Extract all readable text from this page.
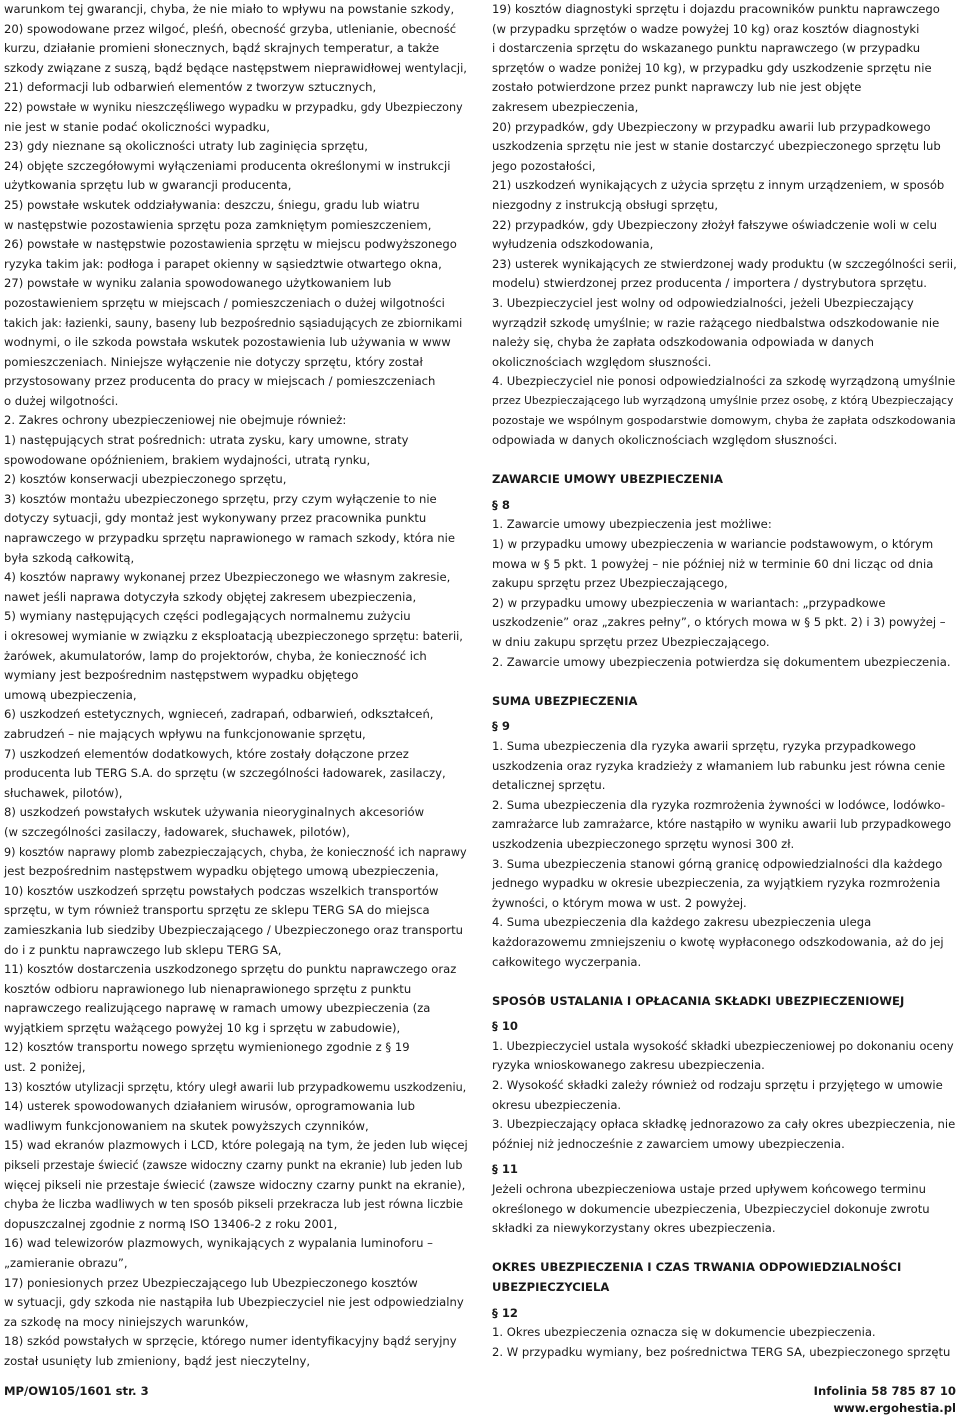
warunkom tej gwarancji, chyba, że nie miało to wpływu na powstanie szkody,

20) spowodowane przez wilgoć, pleśń, obecność grzyba, utlenianie, obecność

kurzu, działanie promieni słonecznych, bądź skrajnych temperatur, a także

szkody związane z suszą, bądź będące następstwem nieprawidłowej wentylacji,

21) deformacji lub odbarwień elementów z tworzyw sztucznych,

22) powstałe w wyniku nieszczęśliwego wypadku w przypadku, gdy Ubezpieczony

nie jest w stanie podać okoliczności wypadku,

23) gdy nieznane są okoliczności utraty lub zaginięcia sprzętu,

24) objęte szczegółowymi wyłączeniami producenta określonymi w instrukcji

użytkowania sprzętu lub w gwarancji producenta,

25) powstałe wskutek oddziaływania: deszczu, śniegu, gradu lub wiatru

w następstwie pozostawienia sprzętu poza zamkniętym pomieszczeniem,

26) powstałe w następstwie pozostawienia sprzętu w miejscu podwyższonego

ryzyka takim jak: podłoga i parapet okienny w sąsiedztwie otwartego okna,

27) powstałe w wyniku zalania spowodowanego użytkowaniem lub

pozostawieniem sprzętu w miejscach / pomieszczeniach o dużej wilgotności

takich jak: łazienki, sauny, baseny lub bezpośrednio sąsiadujących ze zbiornikami

wodnymi, o ile szkoda powstała wskutek pozostawienia lub używania w www

pomieszczeniach. Niniejsze wyłączenie nie dotyczy sprzętu, który został

przystosowany przez producenta do pracy w miejscach / pomieszczeniach

o dużej wilgotności.

2. Zakres ochrony ubezpieczeniowej nie obejmuje również:

1) następujących strat pośrednich: utrata zysku, kary umowne, straty

spowodowane opóźnieniem, brakiem wydajności, utratą rynku,

2) kosztów konserwacji ubezpieczonego sprzętu,

3) kosztów montażu ubezpieczonego sprzętu, przy czym wyłączenie to nie

dotyczy sytuacji, gdy montaż jest wykonywany przez pracownika punktu

naprawczego w przypadku sprzętu naprawionego w ramach szkody, która nie

była szkodą całkowitą,

4) kosztów naprawy wykonanej przez Ubezpieczonego we własnym zakresie,

nawet jeśli naprawa dotyczyła szkody objętej zakresem ubezpieczenia,

5) wymiany następujących części podlegających normalnemu zużyciu

i okresowej wymianie w związku z eksploatacją ubezpieczonego sprzętu: baterii,

żarówek, akumulatorów, lamp do projektorów, chyba, że konieczność ich

wymiany jest bezpośrednim następstwem wypadku objętego

umową ubezpieczenia,

6) uszkodzeń estetycznych, wgnieceń, zadrapań, odbarwień, odkształceń,

zabrudzeń – nie mających wpływu na funkcjonowanie sprzętu,

7) uszkodzeń elementów dodatkowych, które zostały dołączone przez

producenta lub TERG S.A. do sprzętu (w szczególności ładowarek, zasilaczy,

słuchawek, pilotów),

8) uszkodzeń powstałych wskutek używania nieoryginalnych akcesoriów

(w szczególności zasilaczy, ładowarek, słuchawek, pilotów),

9) kosztów naprawy plomb zabezpieczających, chyba, że konieczność ich naprawy

jest bezpośrednim następstwem wypadku objętego umową ubezpieczenia,

10) kosztów uszkodzeń sprzętu powstałych podczas wszelkich transportów

sprzętu, w tym również transportu sprzętu ze sklepu TERG SA do miejsca

zamieszkania lub siedziby Ubezpieczającego / Ubezpieczonego oraz transportu

do i z punktu naprawczego lub sklepu TERG SA,

11) kosztów dostarczenia uszkodzonego sprzętu do punktu naprawczego oraz

kosztów odbioru naprawionego lub nienaprawionego sprzętu z punktu

naprawczego realizującego naprawę w ramach umowy ubezpieczenia (za

wyjątkiem sprzętu ważącego powyżej 10 kg i sprzętu w zabudowie),

12) kosztów transportu nowego sprzętu wymienionego zgodnie z § 19

ust. 2 poniżej,

13) kosztów utylizacji sprzętu, który uległ awarii lub przypadkowemu uszkodzeniu,

14) usterek spowodowanych działaniem wirusów, oprogramowania lub

wadliwym funkcjonowaniem na skutek powyższych czynników,

15) wad ekranów plazmowych i LCD, które polegają na tym, że jeden lub więcej

pikseli przestaje świecić (zawsze widoczny czarny punkt na ekranie) lub jeden lub

więcej pikseli nie przestaje świecić (zawsze widoczny czarny punkt na ekranie),

chyba że liczba wadliwych w ten sposób pikseli przekracza lub jest równa liczbie

dopuszczalnej zgodnie z normą ISO 13406-2 z roku 2001,

16) wad telewizorów plazmowych, wynikających z wypalania luminoforu –

„zamieranie obrazu”,

17) poniesionych przez Ubezpieczającego lub Ubezpieczonego kosztów

w sytuacji, gdy szkoda nie nastąpiła lub Ubezpieczyciel nie jest odpowiedzialny

za szkodę na mocy niniejszych warunków,

18) szkód powstałych w sprzęcie, którego numer identyfikacyjny bądź seryjny

został usunięty lub zmieniony, bądź jest nieczytelny,

19) kosztów diagnostyki sprzętu i dojazdu pracowników punktu naprawczego

(w przypadku sprzętów o wadze powyżej 10 kg) oraz kosztów diagnostyki

i dostarczenia sprzętu do wskazanego punktu naprawczego (w przypadku

sprzętów o wadze poniżej 10 kg), w przypadku gdy uszkodzenie sprzętu nie

zostało potwierdzone przez punkt naprawczy lub nie jest objęte

zakresem ubezpieczenia,

20) przypadków, gdy Ubezpieczony w przypadku awarii lub przypadkowego

uszkodzenia sprzętu nie jest w stanie dostarczyć ubezpieczonego sprzętu lub

jego pozostałości,

21) uszkodzeń wynikających z użycia sprzętu z innym urządzeniem, w sposób

niezgodny z instrukcją obsługi sprzętu,

22) przypadków, gdy Ubezpieczony złożył fałszywe oświadczenie woli w celu

wyłudzenia odszkodowania,

23) usterek wynikających ze stwierdzonej wady produktu (w szczególności serii,

modelu) stwierdzonej przez producenta / importera / dystrybutora sprzętu.

3. Ubezpieczyciel jest wolny od odpowiedzialności, jeżeli Ubezpieczający

wyrządził szkodę umyślnie; w razie rażącego niedbalstwa odszkodowanie nie

należy się, chyba że zapłata odszkodowania odpowiada w danych

okolicznościach względom słuszności.

4. Ubezpieczyciel nie ponosi odpowiedzialności za szkodę wyrządzoną umyślnie

przez Ubezpieczającego lub wyrządzoną umyślnie przez osobę, z którą Ubezpieczający

pozostaje we wspólnym gospodarstwie domowym, chyba że zapłata odszkodowania

odpowiada w danych okolicznościach względom słuszności.

ZAWARCIE UMOWY UBEZPIECZENIA

§ 8

1. Zawarcie umowy ubezpieczenia jest możliwe:

1) w przypadku umowy ubezpieczenia w wariancie podstawowym, o którym

mowa w § 5 pkt. 1 powyżej – nie później niż w terminie 60 dni licząc od dnia

zakupu sprzętu przez Ubezpieczającego,

2) w przypadku umowy ubezpieczenia w wariantach: „przypadkowe

uszkodzenie” oraz „zakres pełny”, o których mowa w § 5 pkt. 2) i 3) powyżej –

w dniu zakupu sprzętu przez Ubezpieczającego.

2. Zawarcie umowy ubezpieczenia potwierdza się dokumentem ubezpieczenia.

SUMA UBEZPIECZENIA

§ 9

1. Suma ubezpieczenia dla ryzyka awarii sprzętu, ryzyka przypadkowego

uszkodzenia oraz ryzyka kradzieży z włamaniem lub rabunku jest równa cenie

detalicznej sprzętu.

2. Suma ubezpieczenia dla ryzyka rozmrożenia żywności w lodówce, lodówko-

zamrażarce lub zamrażarce, które nastąpiło w wyniku awarii lub przypadkowego

uszkodzenia ubezpieczonego sprzętu wynosi 300 zł.

3. Suma ubezpieczenia stanowi górną granicę odpowiedzialności dla każdego

jednego wypadku w okresie ubezpieczenia, za wyjątkiem ryzyka rozmrożenia

żywności, o którym mowa w ust. 2 powyżej.

4. Suma ubezpieczenia dla każdego zakresu ubezpieczenia ulega

każdorazowemu zmniejszeniu o kwotę wypłaconego odszkodowania, aż do jej

całkowitego wyczerpania.

SPOSÓB USTALANIA I OPŁACANIA SKŁADKI UBEZPIECZENIOWEJ

§ 10

1. Ubezpieczyciel ustala wysokość składki ubezpieczeniowej po dokonaniu oceny

ryzyka wnioskowanego zakresu ubezpieczenia.

2. Wysokość składki zależy również od rodzaju sprzętu i przyjętego w umowie

okresu ubezpieczenia.

3. Ubezpieczający opłaca składkę jednorazowo za cały okres ubezpieczenia, nie

później niż jednocześnie z zawarciem umowy ubezpieczenia.

§ 11

Jeżeli ochrona ubezpieczeniowa ustaje przed upływem końcowego terminu

określonego w dokumencie ubezpieczenia, Ubezpieczyciel dokonuje zwrotu

składki za niewykorzystany okres ubezpieczenia.

OKRES UBEZPIECZENIA I CZAS TRWANIA ODPOWIEDZIALNOŚCI

UBEZPIECZYCIELA

§ 12

1. Okres ubezpieczenia oznacza się w dokumencie ubezpieczenia.

2. W przypadku wymiany, bez pośrednictwa TERG SA, ubezpieczonego sprzętu

MP/OW105/1601 str. 3	Infolinia 58 785 87 10
www.ergohestia.pl
